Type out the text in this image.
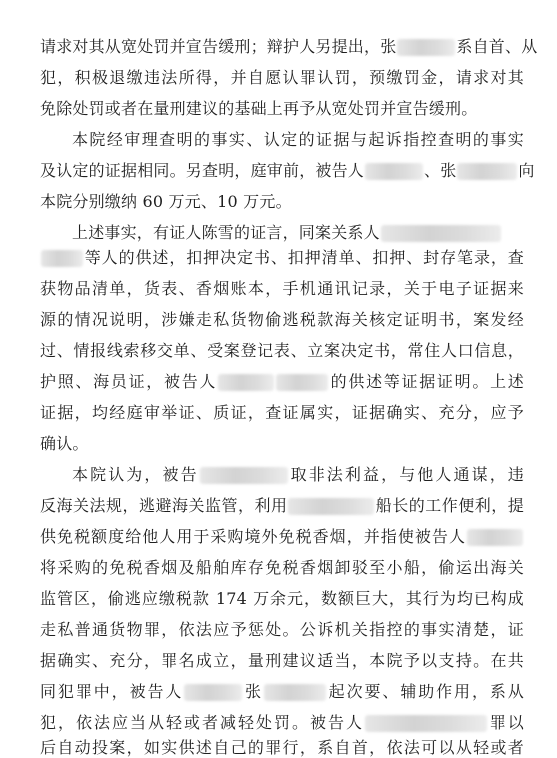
请求对其从宽处罚并宣告缓刑；辩护人另提出，张	系自首、从
犯，积极退缴违法所得，并自愿认罪认罚，预缴罚金，请求对其
免除处罚或者在量刑建议的基础上再予从宽处罚并宣告缓刑。
本院经审理查明的事实、认定的证据与起诉指控查明的事实
及认定的证据相同。另查明，庭审前，被告人	、张	向
本院分别缴纳 60 万元、10 万元。
上述事实，有证人陈雪的证言，同案关系人
等人的供述，扣押决定书、扣押清单、扣押、封存笔录，查
获物品清单，货表、香烟账本，手机通讯记录，关于电子证据来
源的情况说明，涉嫌走私货物偷逃税款海关核定证明书，案发经
过、情报线索移交单、受案登记表、立案决定书，常住人口信息，
护照、海员证，被告人	的供述等证据证明。上述
证据，均经庭审举证、质证，查证属实，证据确实、充分，应予
确认。
本院认为，被告	取非法利益，与他人通谋，违
反海关法规，逃避海关监管，利用	船长的工作便利，提
供免税额度给他人用于采购境外免税香烟，并指使被告人
将采购的免税香烟及船舶库存免税香烟卸驳至小船，偷运出海关
监管区，偷逃应缴税款 174 万余元，数额巨大，其行为均已构成
走私普通货物罪，依法应予惩处。公诉机关指控的事实清楚，证
据确实、充分，罪名成立，量刑建议适当，本院予以支持。在共
同犯罪中，被告人	张	起次要、辅助作用，系从
犯，依法应当从轻或者减轻处罚。被告人	罪以
后自动投案，如实供述自己的罪行，系自首，依法可以从轻或者
